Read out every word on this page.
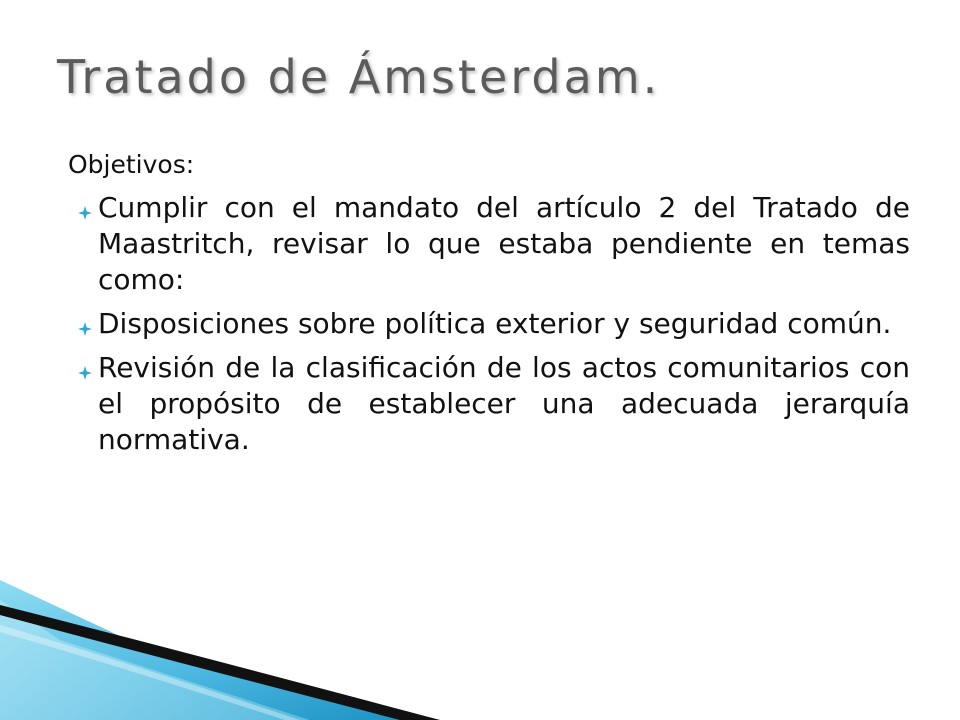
Tratado de Ámsterdam.

Objetivos:

Cumplir con el mandato del artículo 2 del Tratado de Maastritch, revisar lo que estaba pendiente en temas como:
Disposiciones sobre política exterior y seguridad común.
Revisión de la clasificación de los actos comunitarios con el propósito de establecer una adecuada jerarquía normativa.
